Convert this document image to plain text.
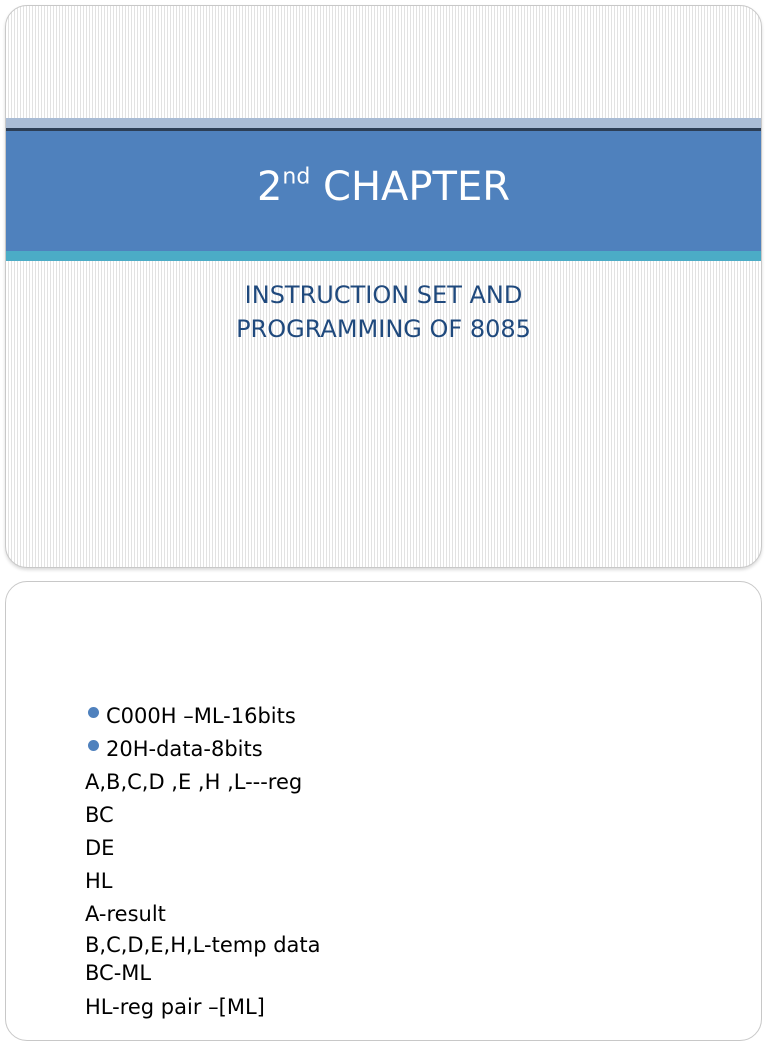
2nd CHAPTER
INSTRUCTION SET AND
PROGRAMMING OF 8085
C000H –ML-16bits
20H-data-8bits
A,B,C,D ,E ,H ,L---reg
BC
DE
HL
A-result
B,C,D,E,H,L-temp data
BC-ML
HL-reg pair –[ML]
